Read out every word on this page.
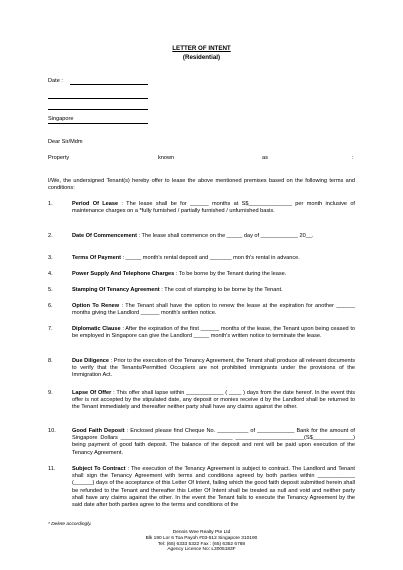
LETTER OF INTENT
(Residential)
Date :
Singapore
Dear Sir/Mdm
Property	known	as	:
I/We, the undersigned Tenant(s) hereby offer to lease the above mentioned premises based on the following terms and conditions:
1.	Period Of Lease : The lease shall be for ______ months at S$______________ per month inclusive of maintenance charges on a *fully furnished / partially furnished / unfurnished basis.
2.	Date Of Commencement : The lease shall commence on the _____ day of ____________ 20__.
3.	Terms Of Payment : _____ month's rental deposit and _______ mon th's rental in advance.
4.	Power Supply And Telephone Charges : To be borne by the Tenant during the lease.
5.	Stamping Of Tenancy Agreement : The cost of stamping to be borne by the Tenant.
6.	Option To Renew : The Tenant shall have the option to renew the lease at the expiration for another ______ months giving the Landlord ______ month's written notice.
7.	Diplomatic Clause : After the expiration of the first ______ months of the lease, the Tenant upon being ceased to be employed in Singapore can give the Landlord _____ month's written notice to terminate the lease.
8.	Due Diligence : Prior to the execution of the Tenancy Agreement, the Tenant shall produce all relevant documents to verify that the Tenants/Permitted Occupiers are not prohibited immigrants under the provisions of the Immigration Act.
9.	Lapse Of Offer : This offer shall lapse within ____________ ( ____ ) days from the date hereof. In the event this offer is not accepted by the stipulated date, any deposit or monies receive d by the Landlord shall be returned to the Tenant immediately and thereafter neither party shall have any claims against the other.
10.	Good Faith Deposit : Enclosed please find Cheque No. __________ of ____________ Bank for the amount of Singapore Dollars ____________________________________ ______________________(S$_____________) being payment of good faith deposit. The balance of the deposit and rent will be paid upon execution of the Tenancy Agreement.
11.	Subject To Contract : The execution of the Tenancy Agreement is subject to contract. The Landlord and Tenant shall sign the Tenancy Agreement with terms and conditions agreed by both parties within ____________ (______) days of the acceptance of this Letter Of Intent, failing which the good faith deposit submitted herein shall be refunded to the Tenant and thereafter this Letter Of Intent shall be treated as null and void and neither party shall have any claims against the other. In the event the Tenant fails to execute the Tenancy Agreement by the said date after both parties agree to the terms and conditions of the
* Delete accordingly.
Dennis Wee Realty Pte Ltd
Blk 190 Lor 6 Toa Payoh #03-512 Singapore 310190
Tel: (65) 6333 5322 Fax : (65) 6352 6788
Agency Licence No: L3005183F
